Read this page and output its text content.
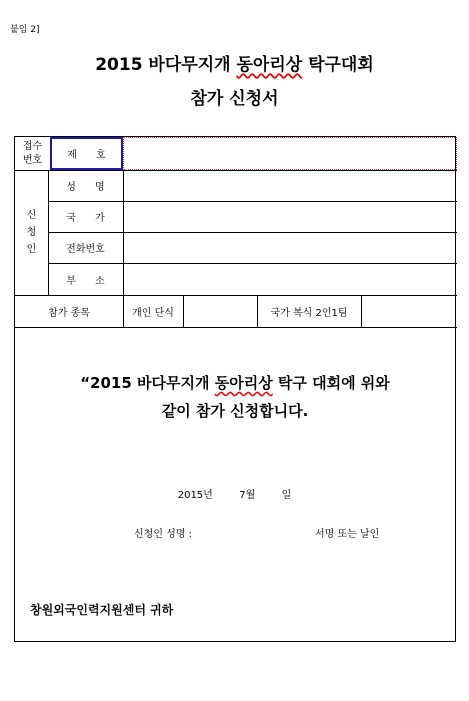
붙임 2]
2015 바다무지개 동아리상 탁구대회
참가 신청서
접수
번호	제      호
신
청
인
성      명
국      가
전화번호
부      소
참가 종목	개인 단식	국가 복식 2인1팀
“2015 바다무지개 동아리상 탁구 대회에 위와
같이 참가 신청합니다.
2015년	7월	일
신청인 성명 :	서명 또는 날인
창원외국인력지원센터 귀하
